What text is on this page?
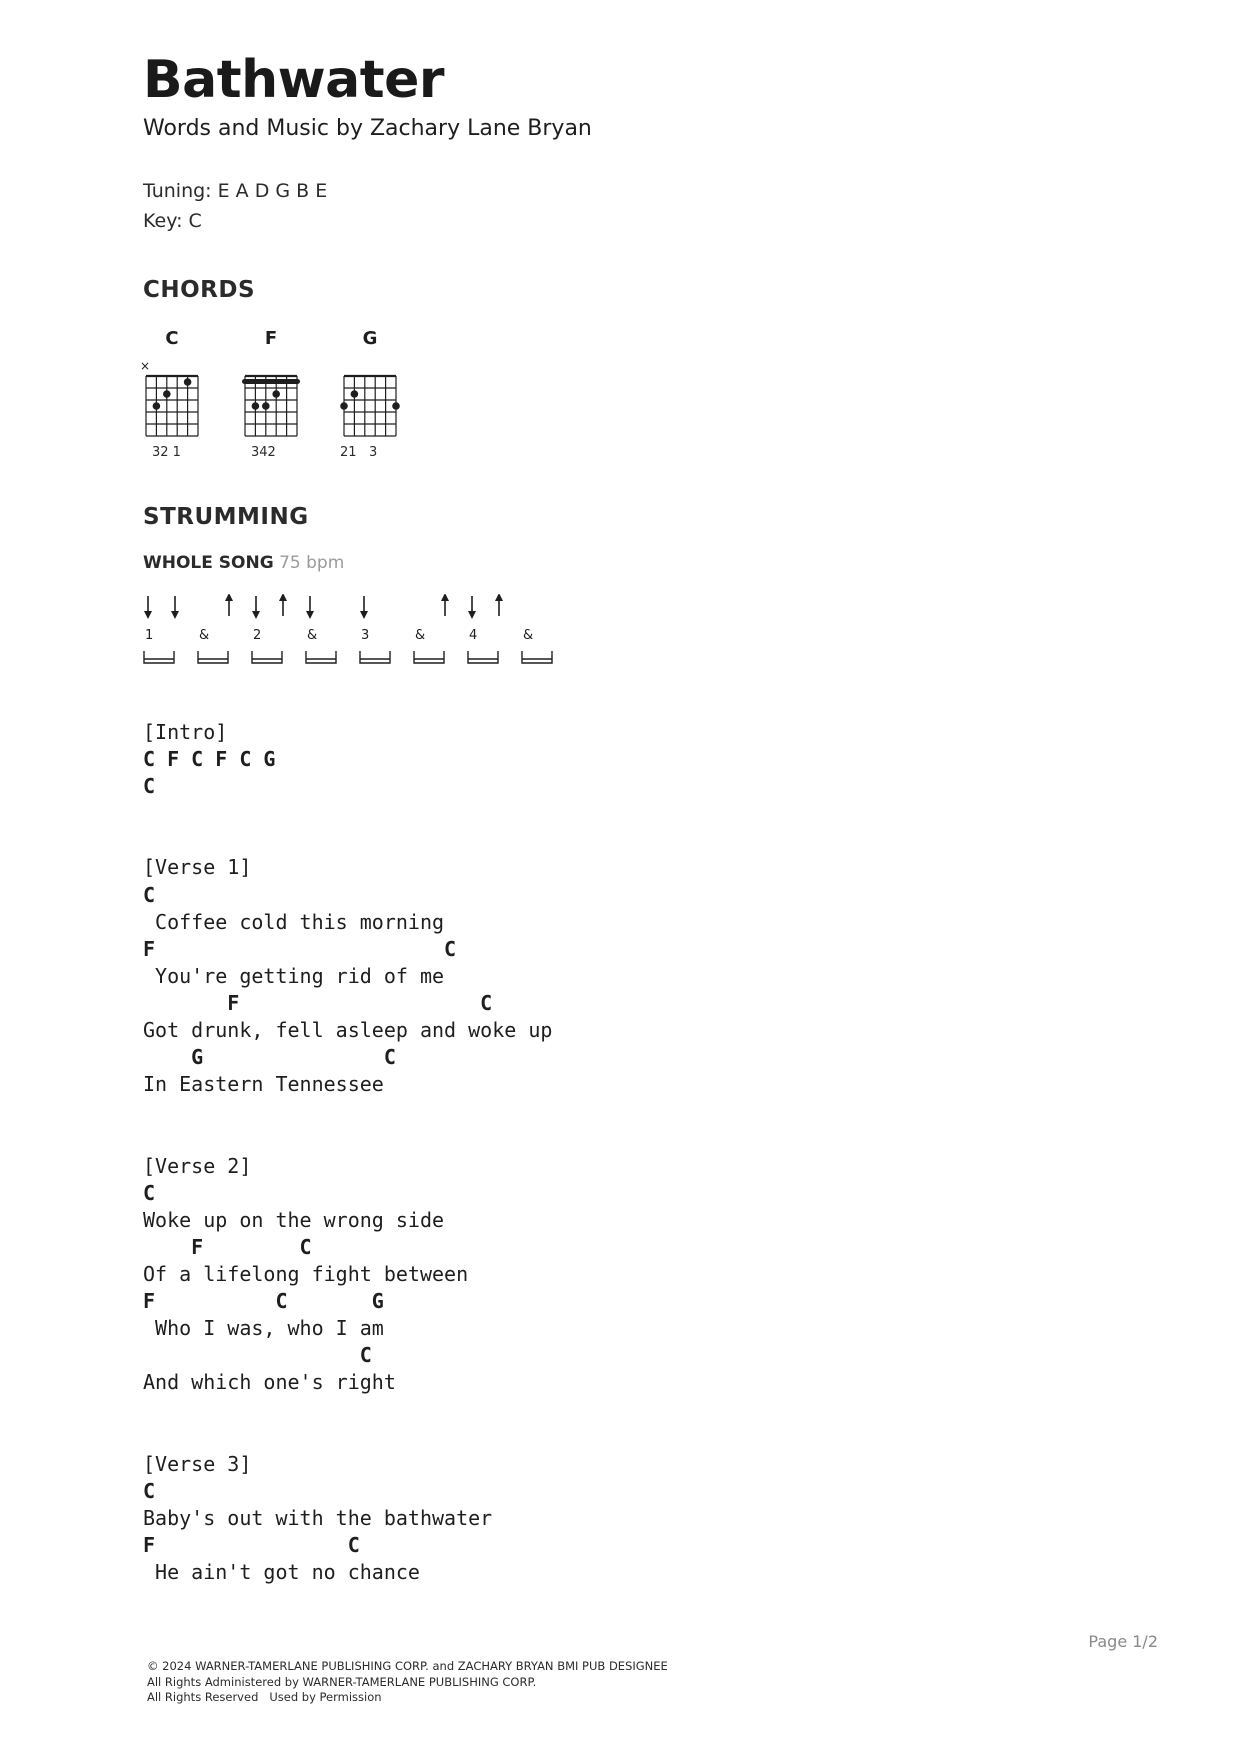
Bathwater
Words and Music by Zachary Lane Bryan
Tuning: E A D G B E
Key: C
CHORDS
C
×
32 1
F
342
G
21   3
STRUMMING
WHOLE SONG 75 bpm
1	&	2	&	3	&	4	&
[Intro]
C F C F C G
C
[Verse 1]
C
Coffee cold this morning
F                        C
You're getting rid of me
F                    C
Got drunk, fell asleep and woke up
G               C
In Eastern Tennessee
[Verse 2]
C
Woke up on the wrong side
F        C
Of a lifelong fight between
F          C       G
Who I was, who I am
C
And which one's right
[Verse 3]
C
Baby's out with the bathwater
F                C
He ain't got no chance
Page 1/2
© 2024 WARNER-TAMERLANE PUBLISHING CORP. and ZACHARY BRYAN BMI PUB DESIGNEE
All Rights Administered by WARNER-TAMERLANE PUBLISHING CORP.
All Rights Reserved   Used by Permission
